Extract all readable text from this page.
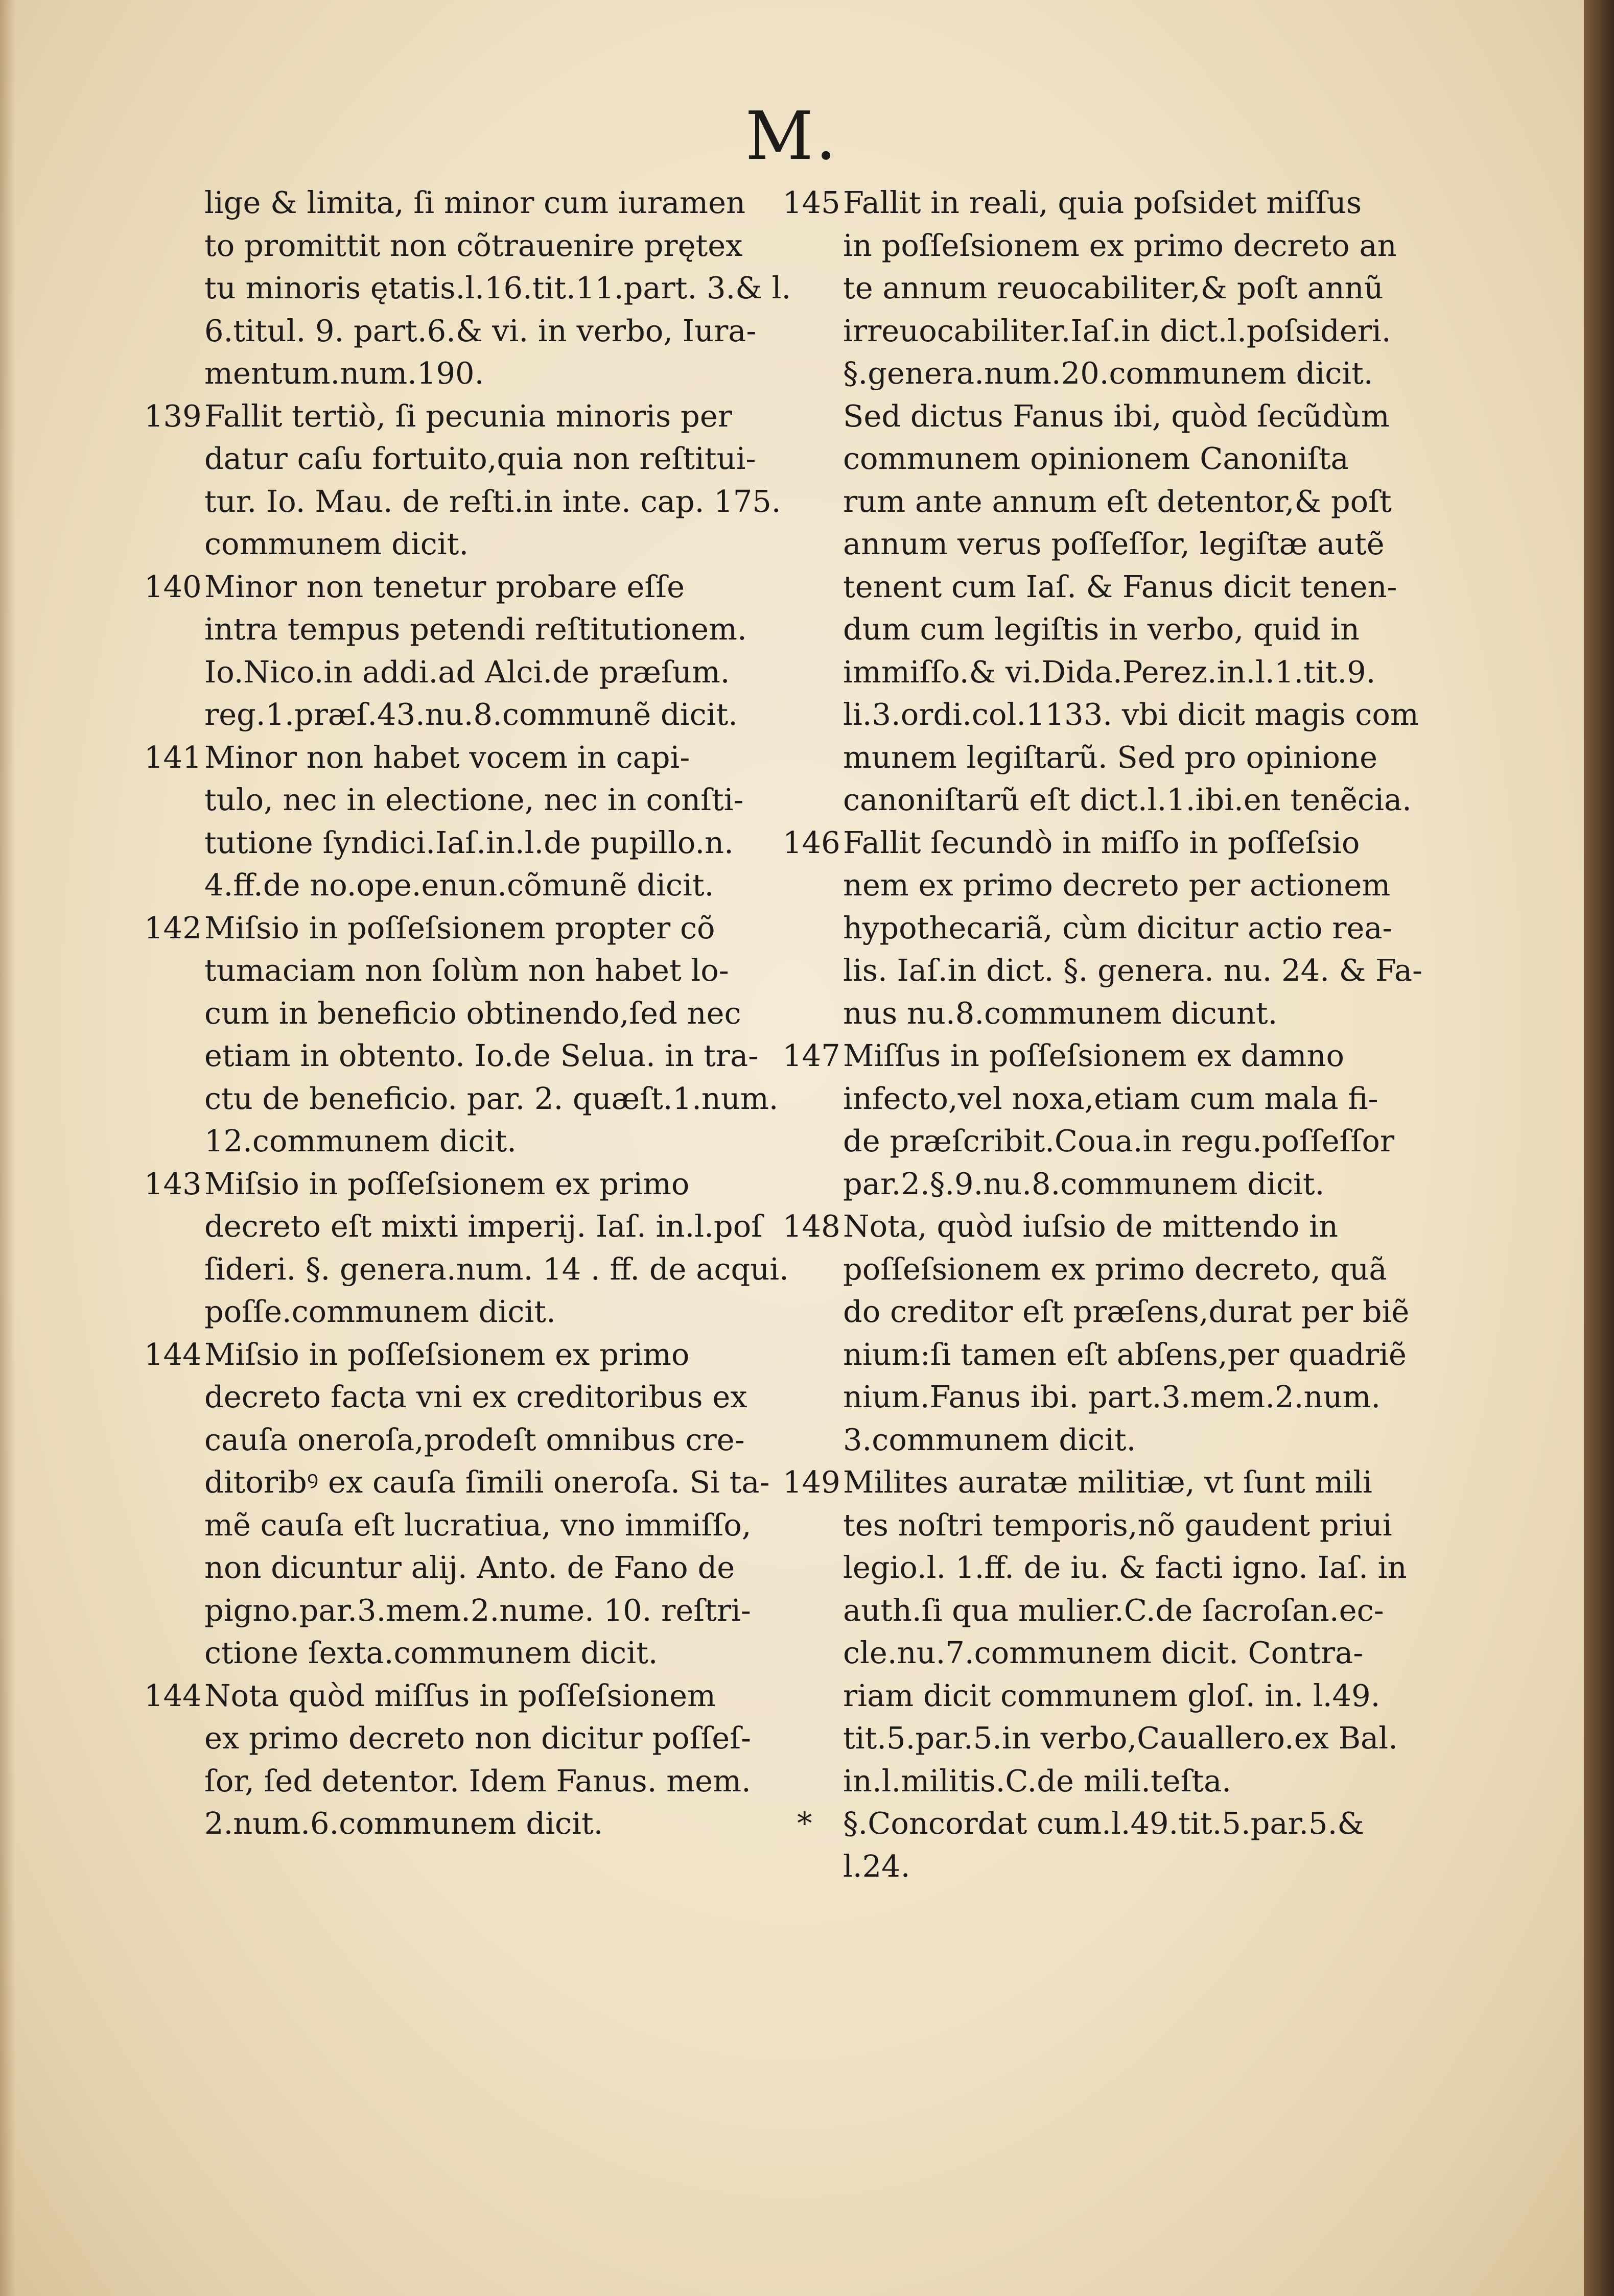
M.
lige & limita, ſi minor cum iuramen
to promittit non cõtrauenire prętex
tu minoris ętatis.l.16.tit.11.part. 3.& l.
6.titul. 9. part.6.& vi. in verbo, Iura-
mentum.num.190.
139 Fallit tertiò, ſi pecunia minoris per
datur caſu fortuito,quia non reſtitui-
tur. Io. Mau. de reſti.in inte. cap. 175.
communem dicit.
140 Minor non tenetur probare eſſe
intra tempus petendi reſtitutionem.
Io.Nico.in addi.ad Alci.de præſum.
reg.1.præſ.43.nu.8.communẽ dicit.
141 Minor non habet vocem in capi-
tulo, nec in electione, nec in conſti-
tutione ſyndici.Iaſ.in.l.de pupillo.n.
4.ff.de no.ope.enun.cõmunẽ dicit.
142 Miſsio in poſſeſsionem propter cõ
tumaciam non ſolùm non habet lo-
cum in beneficio obtinendo,ſed nec
etiam in obtento. Io.de Selua. in tra-
ctu de beneficio. par. 2. quæſt.1.num.
12.communem dicit.
143 Miſsio in poſſeſsionem ex primo
decreto eſt mixti imperij. Iaſ. in.l.poſ
ſideri. §. genera.num. 14 . ff. de acqui.
poſſe.communem dicit.
144 Miſsio in poſſeſsionem ex primo
decreto facta vni ex creditoribus ex
cauſa oneroſa,prodeſt omnibus cre-
ditoribꝰ ex cauſa ſimili oneroſa. Si ta-
mẽ cauſa eſt lucratiua, vno immiſſo,
non dicuntur alij. Anto. de Fano de
pigno.par.3.mem.2.nume. 10. reſtri-
ctione ſexta.communem dicit.
144 Nota quòd miſſus in poſſeſsionem
ex primo decreto non dicitur poſſeſ-
ſor, ſed detentor. Idem Fanus. mem.
2.num.6.communem dicit.
145 Fallit in reali, quia poſsidet miſſus
in poſſeſsionem ex primo decreto an
te annum reuocabiliter,& poſt annũ
irreuocabiliter.Iaſ.in dict.l.poſsideri.
§.genera.num.20.communem dicit.
Sed dictus Fanus ibi, quòd ſecũdùm
communem opinionem Canoniſta
rum ante annum eſt detentor,& poſt
annum verus poſſeſſor, legiſtæ autẽ
tenent cum Iaſ. & Fanus dicit tenen-
dum cum legiſtis in verbo, quid in
immiſſo.& vi.Dida.Perez.in.l.1.tit.9.
li.3.ordi.col.1133. vbi dicit magis com
munem legiſtarũ. Sed pro opinione
canoniſtarũ eſt dict.l.1.ibi.en tenẽcia.
146 Fallit ſecundò in miſſo in poſſeſsio
nem ex primo decreto per actionem
hypothecariã, cùm dicitur actio rea-
lis. Iaſ.in dict. §. genera. nu. 24. & Fa-
nus nu.8.communem dicunt.
147 Miſſus in poſſeſsionem ex damno
infecto,vel noxa,etiam cum mala fi-
de præſcribit.Coua.in regu.poſſeſſor
par.2.§.9.nu.8.communem dicit.
148 Nota, quòd iuſsio de mittendo in
poſſeſsionem ex primo decreto, quã
do creditor eſt præſens,durat per biẽ
nium:ſi tamen eſt abſens,per quadriẽ
nium.Fanus ibi. part.3.mem.2.num.
3.communem dicit.
149 Milites auratæ militiæ, vt ſunt mili
tes noſtri temporis,nõ gaudent priui
legio.l. 1.ff. de iu. & facti igno. Iaſ. in
auth.ſi qua mulier.C.de ſacroſan.ec-
cle.nu.7.communem dicit. Contra-
riam dicit communem gloſ. in. l.49.
tit.5.par.5.in verbo,Cauallero.ex Bal.
in.l.militis.C.de mili.teſta.
* §.Concordat cum.l.49.tit.5.par.5.&
l.24.
